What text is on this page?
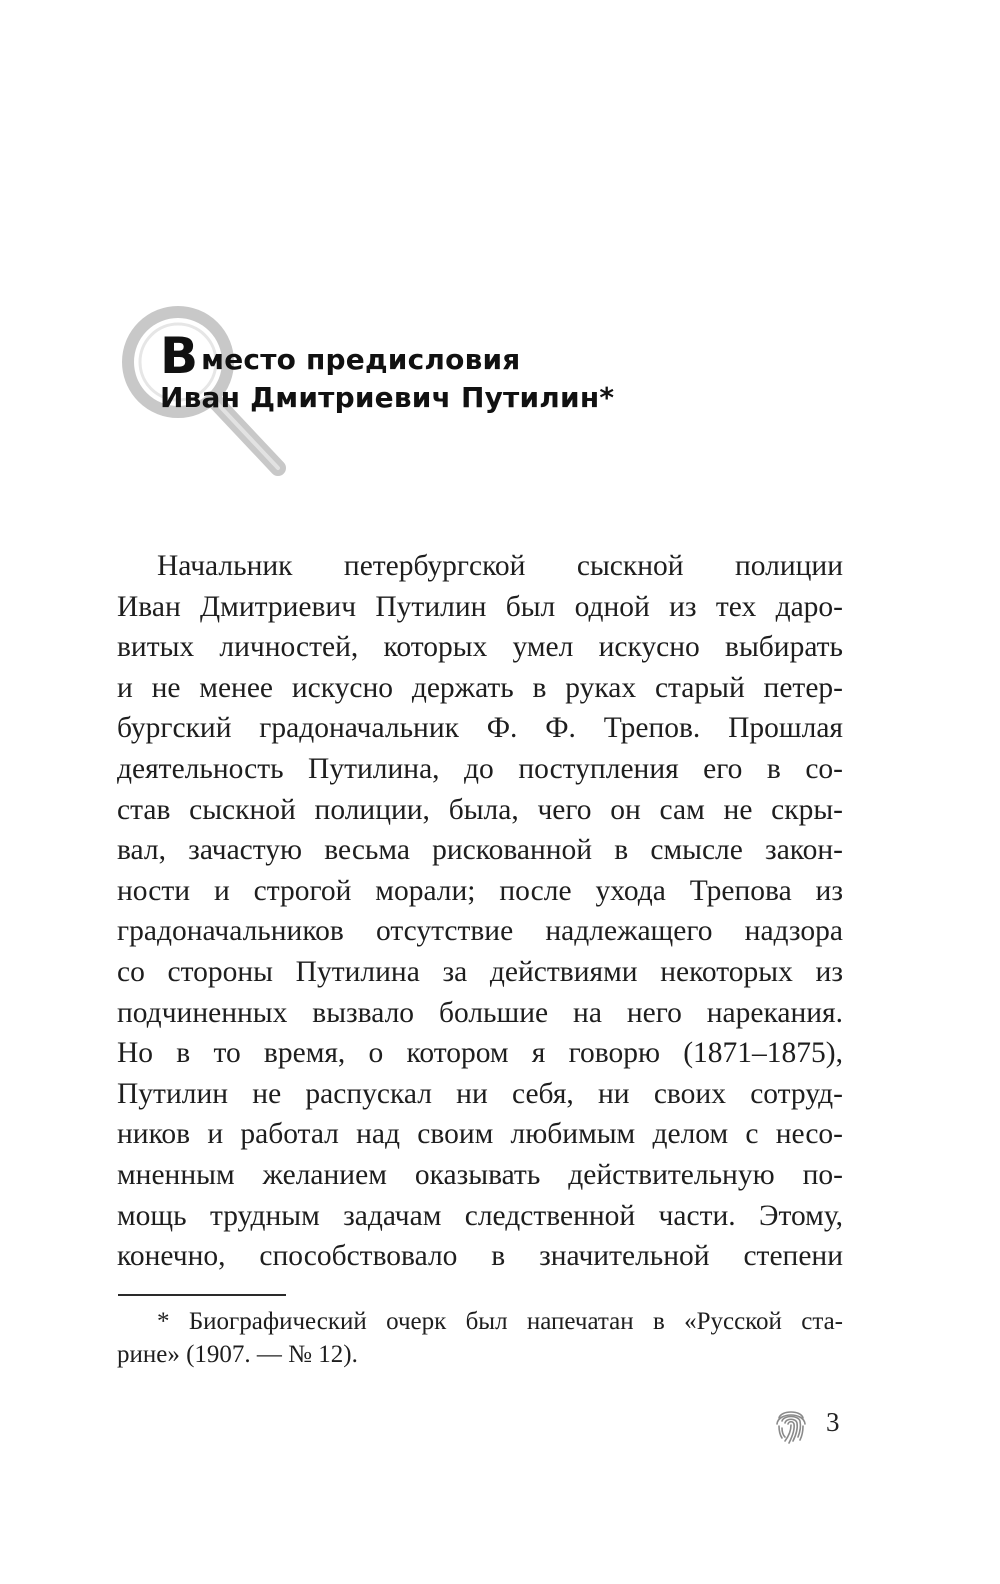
Вместо предисловия
Иван Дмитриевич Путилин*
Начальник петербургской сыскной полиции
Иван Дмитриевич Путилин был одной из тех даро-
витых личностей, которых умел искусно выбирать
и не менее искусно держать в руках старый петер-
бургский градоначальник Ф. Ф. Трепов. Прошлая
деятельность Путилина, до поступления его в со-
став сыскной полиции, была, чего он сам не скры-
вал, зачастую весьма рискованной в смысле закон-
ности и строгой морали; после ухода Трепова из
градоначальников отсутствие надлежащего надзора
со стороны Путилина за действиями некоторых из
подчиненных вызвало большие на него нарекания.
Но в то время, о котором я говорю (1871–1875),
Путилин не распускал ни себя, ни своих сотруд-
ников и работал над своим любимым делом с несо-
мненным желанием оказывать действительную по-
мощь трудным задачам следственной части. Этому,
конечно, способствовало в значительной степени
* Биографический очерк был напечатан в «Русской ста-
рине» (1907. — № 12).
3
